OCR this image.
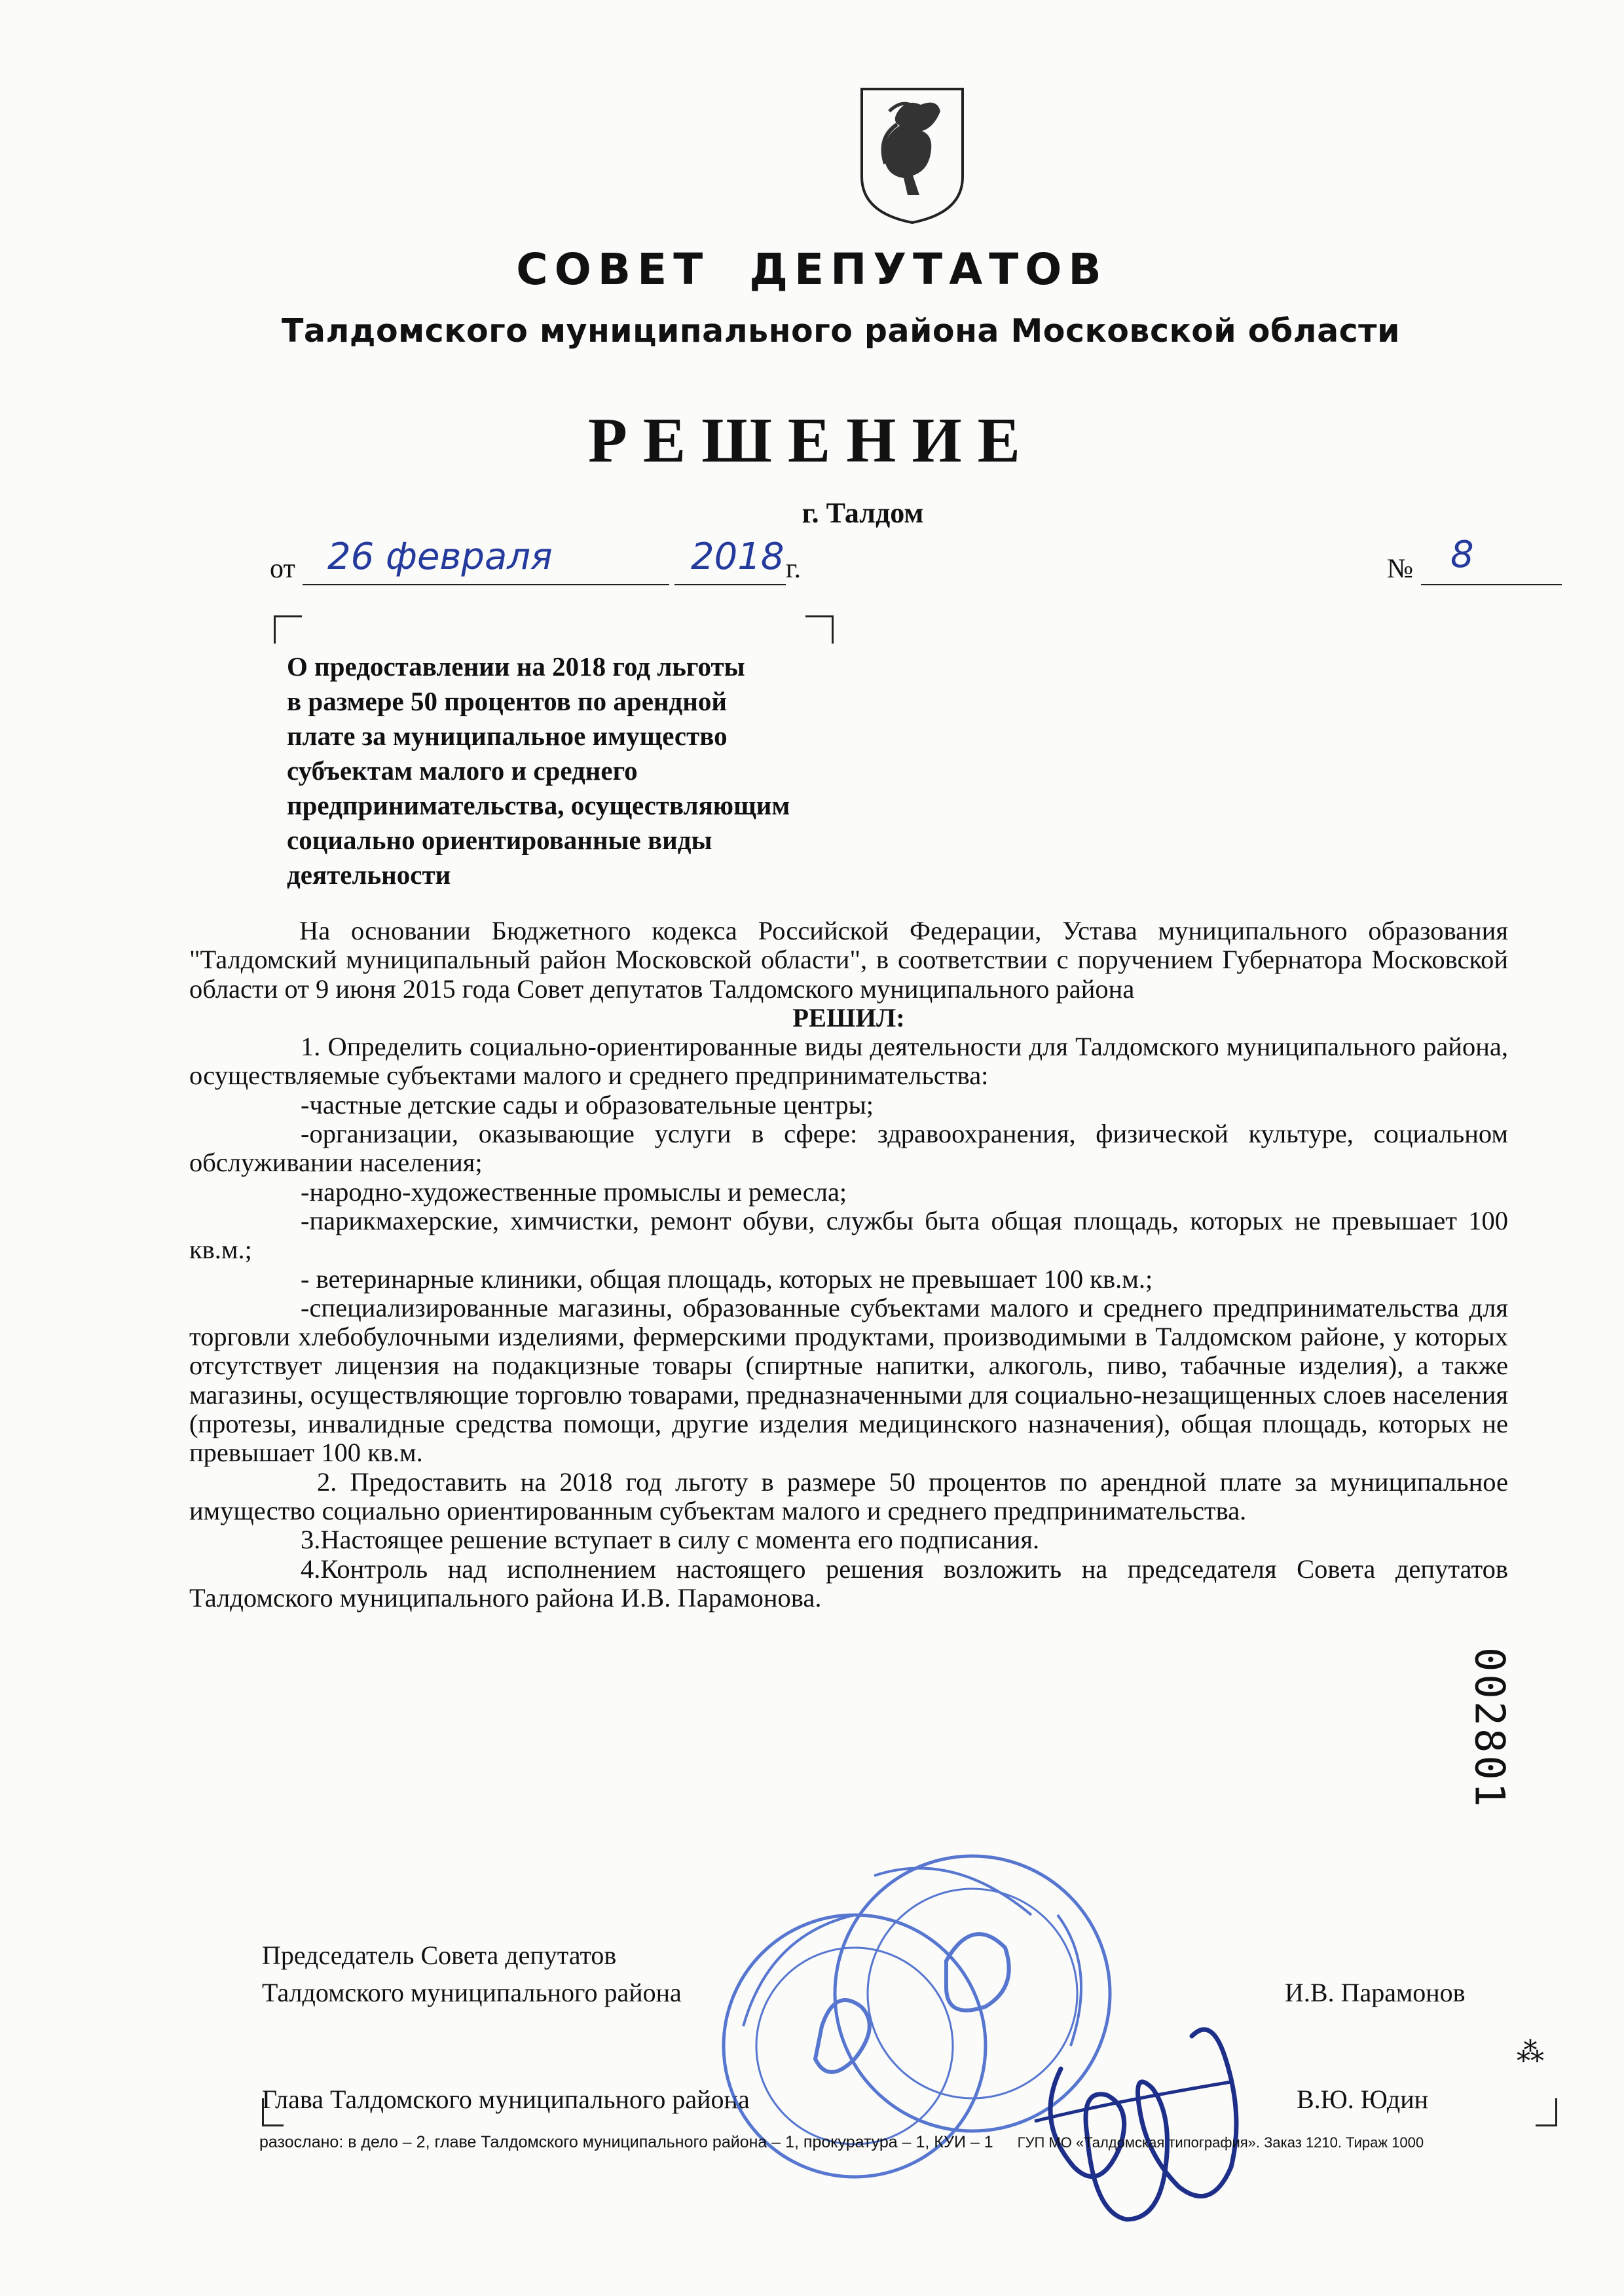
СОВЕТ ДЕПУТАТОВ
Талдомского муниципального района Московской области
РЕШЕНИЕ
г. Талдом
от 26 февраля	2018 г.	№ 8
О предоставлении на 2018 год льготы
в размере 50 процентов по арендной
плате за муниципальное имущество
субъектам малого и среднего
предпринимательства, осуществляющим
социально ориентированные виды
деятельности

На основании Бюджетного кодекса Российской Федерации, Устава муниципального образования "Талдомский муниципальный район Московской области", в соответствии с поручением Губернатора Московской области от 9 июня 2015 года Совет депутатов Талдомского муниципального района

РЕШИЛ:

1. Определить социально-ориентированные виды деятельности для Талдомского муниципального района, осуществляемые субъектами малого и среднего предпринимательства:

-частные детские сады и образовательные центры;

-организации, оказывающие услуги в сфере: здравоохранения, физической культуре, социальном обслуживании населения;

-народно-художественные промыслы и ремесла;

-парикмахерские, химчистки, ремонт обуви, службы быта общая площадь, которых не превышает 100 кв.м.;

- ветеринарные клиники, общая площадь, которых не превышает 100 кв.м.;

-специализированные магазины, образованные субъектами малого и среднего предпринимательства для торговли хлебобулочными изделиями, фермерскими продуктами, производимыми в Талдомском районе, у которых отсутствует лицензия на подакцизные товары (спиртные напитки, алкоголь, пиво, табачные изделия), а также магазины, осуществляющие торговлю товарами, предназначенными для социально-незащищенных слоев населения (протезы, инвалидные средства помощи, другие изделия медицинского назначения), общая площадь, которых не превышает 100 кв.м.

2. Предоставить на 2018 год льготу в размере 50 процентов по арендной плате за муниципальное имущество социально ориентированным субъектам малого и среднего предпринимательства.

3.Настоящее решение вступает в силу с момента его подписания.

4.Контроль над исполнением настоящего решения возложить на председателя Совета депутатов Талдомского муниципального района И.В. Парамонова.

002801
Председатель Совета депутатов
Талдомского муниципального района	И.В. Парамонов
Глава Талдомского муниципального района	В.Ю. Юдин
⁂
разослано: в дело – 2, главе Талдомского муниципального района – 1, прокуратура – 1, КУИ – 1 ГУП МО «Талдомская типография». Заказ 1210. Тираж 1000
